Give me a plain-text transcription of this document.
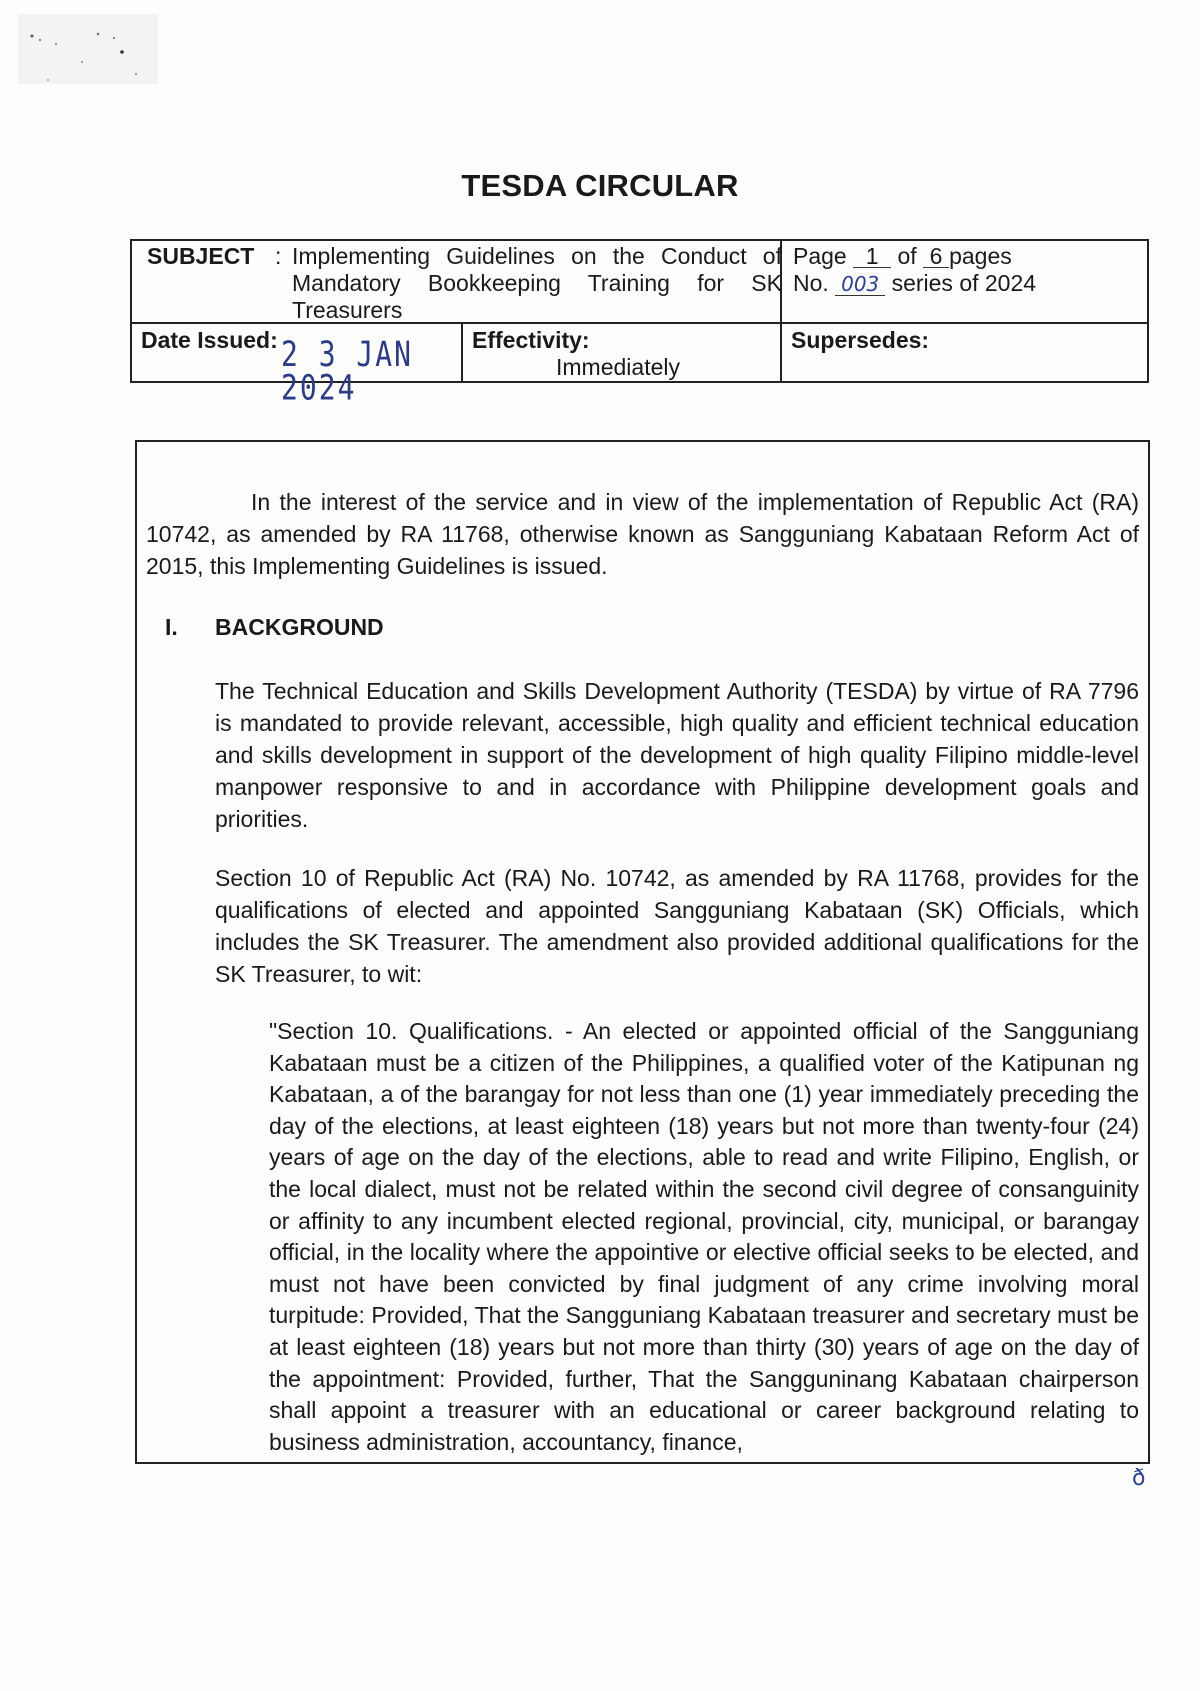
TESDA CIRCULAR
SUBJECT : Implementing Guidelines on the Conduct of Mandatory Bookkeeping Training for SK Treasurers
Page 1 of 6 pages
No. 003 series of 2024
Date Issued: 2 3 JAN 2024
Effectivity:
Immediately
Supersedes:

In the interest of the service and in view of the implementation of Republic Act (RA) 10742, as amended by RA 11768, otherwise known as Sangguniang Kabataan Reform Act of 2015, this Implementing Guidelines is issued.

I. BACKGROUND

The Technical Education and Skills Development Authority (TESDA) by virtue of RA 7796 is mandated to provide relevant, accessible, high quality and efficient technical education and skills development in support of the development of high quality Filipino middle-level manpower responsive to and in accordance with Philippine development goals and priorities.

Section 10 of Republic Act (RA) No. 10742, as amended by RA 11768, provides for the qualifications of elected and appointed Sangguniang Kabataan (SK) Officials, which includes the SK Treasurer. The amendment also provided additional qualifications for the SK Treasurer, to wit:

"Section 10. Qualifications. - An elected or appointed official of the Sangguniang Kabataan must be a citizen of the Philippines, a qualified voter of the Katipunan ng Kabataan, a of the barangay for not less than one (1) year immediately preceding the day of the elections, at least eighteen (18) years but not more than twenty-four (24) years of age on the day of the elections, able to read and write Filipino, English, or the local dialect, must not be related within the second civil degree of consanguinity or affinity to any incumbent elected regional, provincial, city, municipal, or barangay official, in the locality where the appointive or elective official seeks to be elected, and must not have been convicted by final judgment of any crime involving moral turpitude: Provided, That the Sangguniang Kabataan treasurer and secretary must be at least eighteen (18) years but not more than thirty (30) years of age on the day of the appointment: Provided, further, That the Sangguninang Kabataan chairperson shall appoint a treasurer with an educational or career background relating to business administration, accountancy, finance,

ð
